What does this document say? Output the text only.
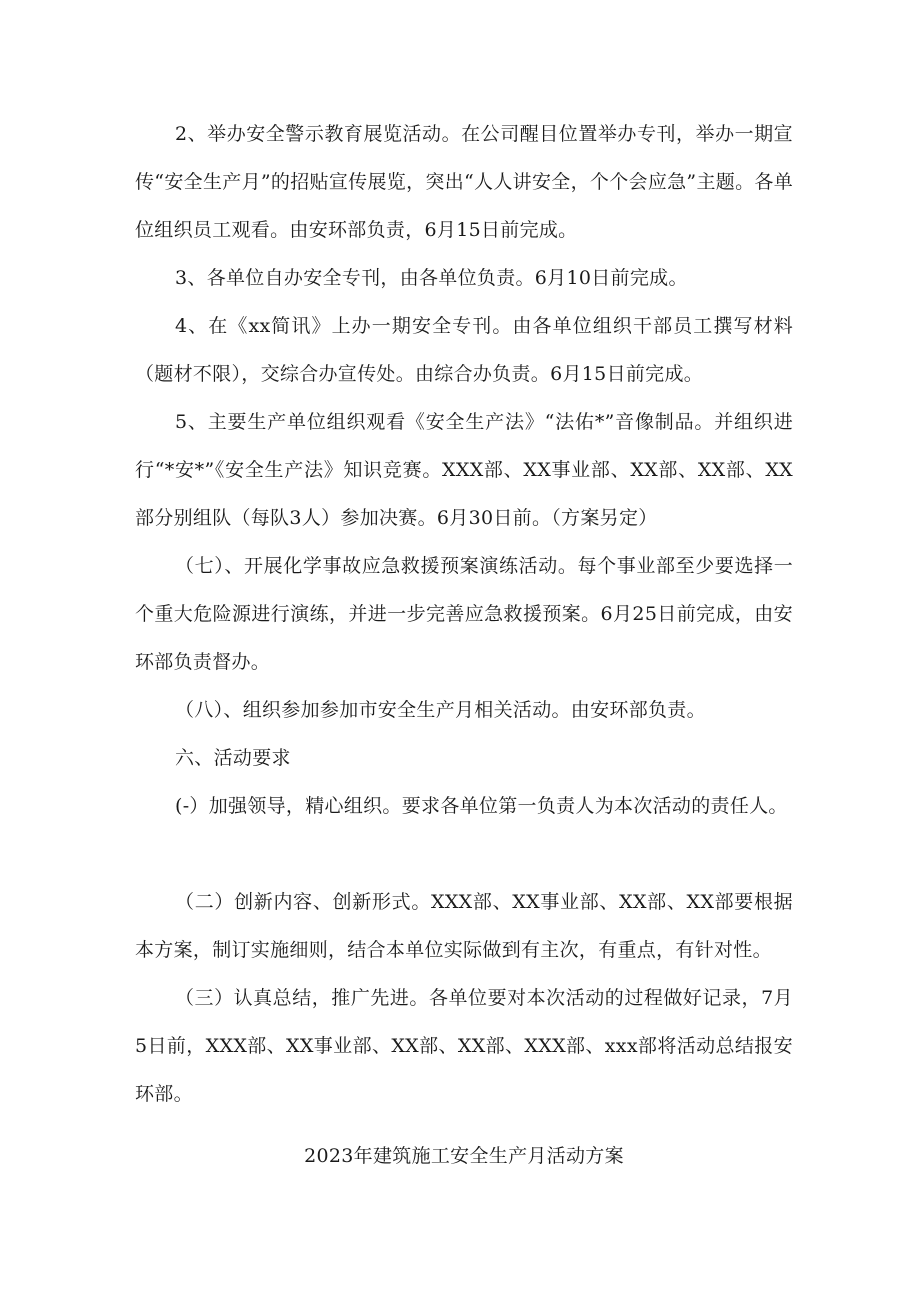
2、举办安全警示教育展览活动。在公司醒目位置举办专刊，举办一期宣传“安全生产月”的招贴宣传展览，突出“人人讲安全，个个会应急”主题。各单位组织员工观看。由安环部负责，6月15日前完成。

3、各单位自办安全专刊，由各单位负责。6月10日前完成。

4、在《xx简讯》上办一期安全专刊。由各单位组织干部员工撰写材料（题材不限），交综合办宣传处。由综合办负责。6月15日前完成。

5、主要生产单位组织观看《安全生产法》“法佑*”音像制品。并组织进行“*安*”《安全生产法》知识竞赛。XXX部、XX事业部、XX部、XX部、XX部分别组队（每队3人）参加决赛。6月30日前。（方案另定）

（七）、开展化学事故应急救援预案演练活动。每个事业部至少要选择一个重大危险源进行演练，并进一步完善应急救援预案。6月25日前完成，由安环部负责督办。

（八）、组织参加参加市安全生产月相关活动。由安环部负责。

六、活动要求

(-）加强领导，精心组织。要求各单位第一负责人为本次活动的责任人。

（二）创新内容、创新形式。XXX部、XX事业部、XX部、XX部要根据本方案，制订实施细则，结合本单位实际做到有主次，有重点，有针对性。

（三）认真总结，推广先进。各单位要对本次活动的过程做好记录，7月5日前，XXX部、XX事业部、XX部、XX部、XXX部、xxx部将活动总结报安环部。

2023年建筑施工安全生产月活动方案
